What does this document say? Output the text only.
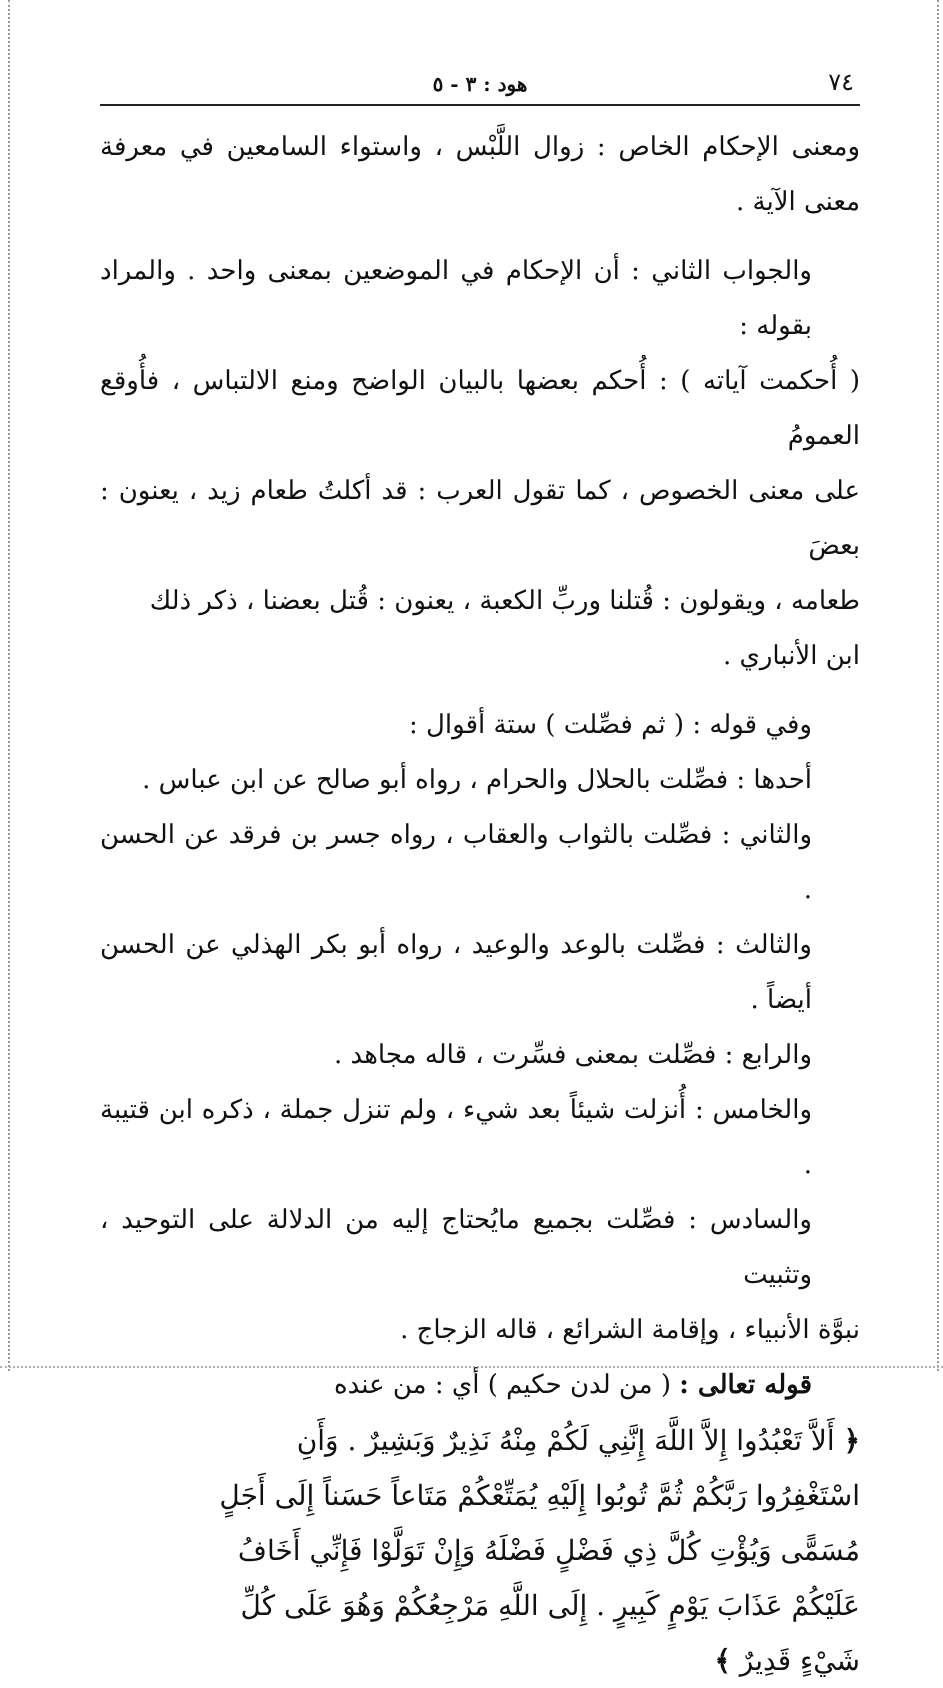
٧٤
هود : ٣ - ٥

ومعنى الإحكام الخاص : زوال اللَّبْس ، واستواء السامعين في معرفة معنى الآية .

والجواب الثاني : أن الإحكام في الموضعين بمعنى واحد . والمراد بقوله :

( أُحكمت آياته ) : أُحكم بعضها بالبيان الواضح ومنع الالتباس ، فأُوقع العمومُ

على معنى الخصوص ، كما تقول العرب : قد أكلتُ طعام زيد ، يعنون : بعضَ

طعامه ، ويقولون : قُتلنا وربِّ الكعبة ، يعنون : قُتل بعضنا ، ذكر ذلك

ابن الأنباري .

وفي قوله : ( ثم فصِّلت ) ستة أقوال :

أحدها : فصِّلت بالحلال والحرام ، رواه أبو صالح عن ابن عباس .

والثاني : فصِّلت بالثواب والعقاب ، رواه جسر بن فرقد عن الحسن .

والثالث : فصِّلت بالوعد والوعيد ، رواه أبو بكر الهذلي عن الحسن أيضاً .

والرابع : فصِّلت بمعنى فسِّرت ، قاله مجاهد .

والخامس : أُنزلت شيئاً بعد شيء ، ولم تنزل جملة ، ذكره ابن قتيبة .

والسادس : فصِّلت بجميع مايُحتاج إليه من الدلالة على التوحيد ، وتثبيت

نبوَّة الأنبياء ، وإقامة الشرائع ، قاله الزجاج .

قوله تعالى : ( من لدن حكيم ) أي : من عنده

﴿ أَلاَّ تَعْبُدُوا إِلاَّ اللَّهَ إِنَّنِي لَكُمْ مِنْهُ نَذِيرٌ وَبَشِيرٌ . وَأَنِ
اسْتَغْفِرُوا رَبَّكُمْ ثُمَّ تُوبُوا إِلَيْهِ يُمَتِّعْكُمْ مَتَاعاً حَسَناً إِلَى أَجَلٍ
مُسَمًّى وَيُؤْتِ كُلَّ ذِي فَضْلٍ فَضْلَهُ وَإِنْ تَوَلَّوْا فَإِنِّي أَخَافُ
عَلَيْكُمْ عَذَابَ يَوْمٍ كَبِيرٍ . إِلَى اللَّهِ مَرْجِعُكُمْ وَهُوَ عَلَى كُلِّ
شَيْءٍ قَدِيرٌ ﴾
